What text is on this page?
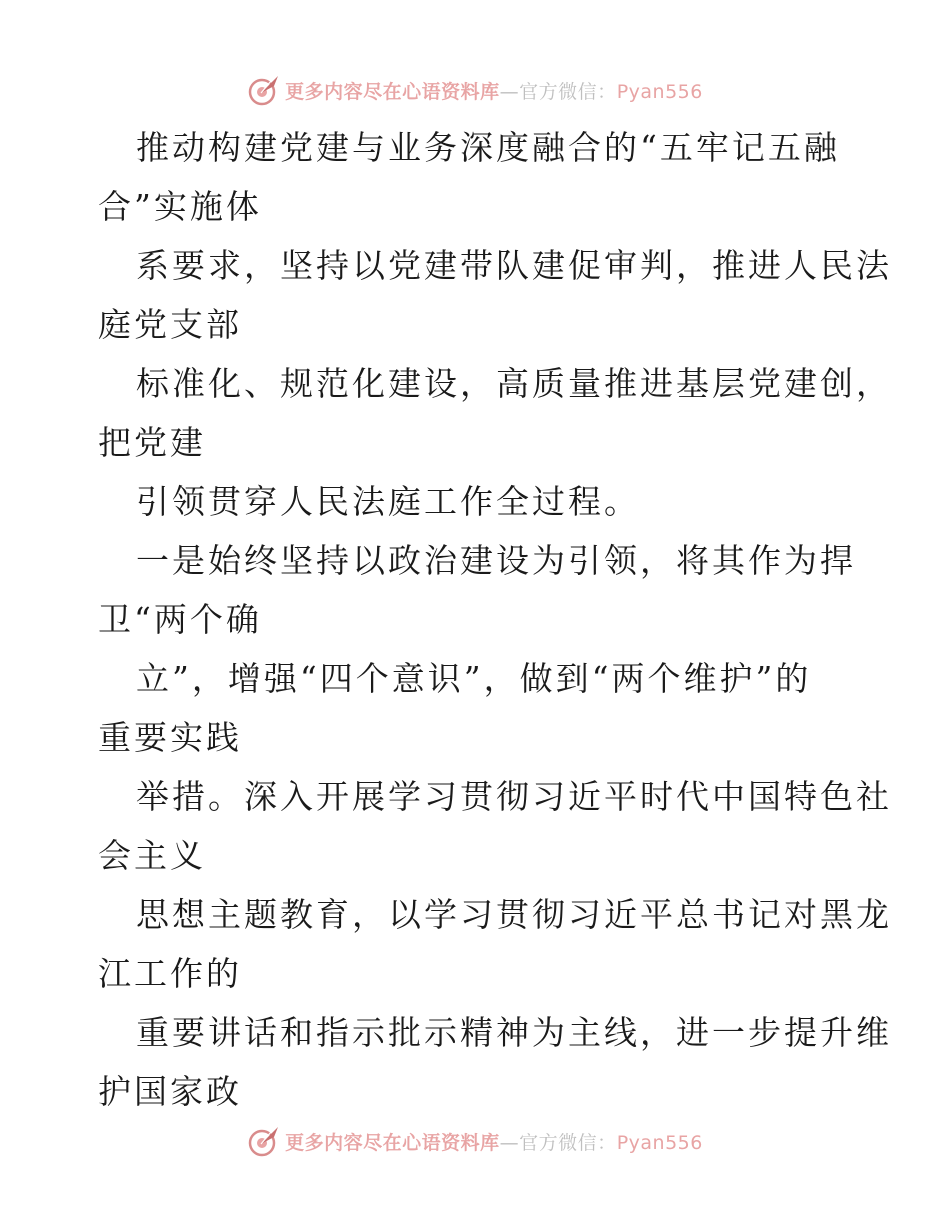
更多内容尽在心语资料库—官方微信：Pyan556
推动构建党建与业务深度融合的“五牢记五融
合”实施体
系要求，坚持以党建带队建促审判，推进人民法
庭党支部
标准化、规范化建设，高质量推进基层党建创，
把党建
引领贯穿人民法庭工作全过程。
一是始终坚持以政治建设为引领，将其作为捍
卫“两个确
立”，增强“四个意识”，做到“两个维护”的
重要实践
举措。深入开展学习贯彻习近平时代中国特色社
会主义
思想主题教育，以学习贯彻习近平总书记对黑龙
江工作的
重要讲话和指示批示精神为主线，进一步提升维
护国家政
更多内容尽在心语资料库—官方微信：Pyan556
